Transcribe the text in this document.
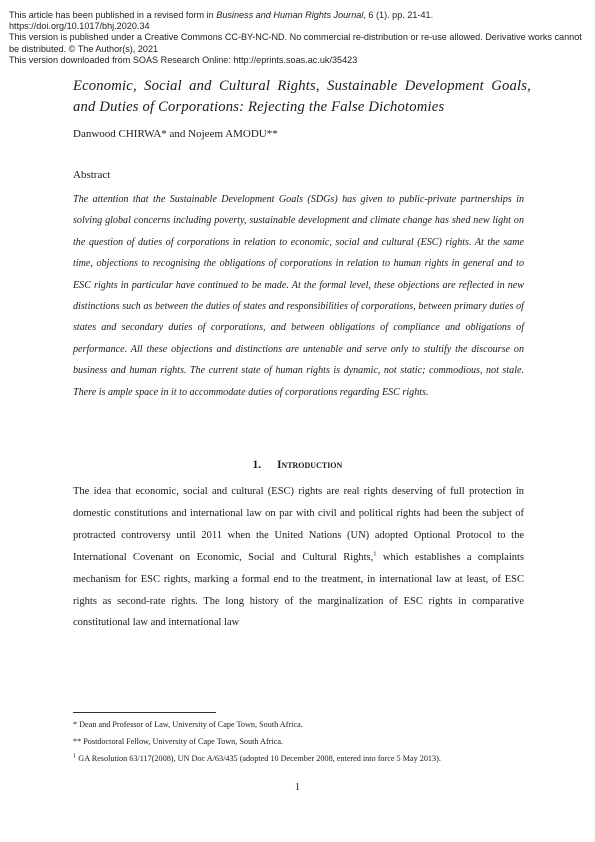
This article has been published in a revised form in Business and Human Rights Journal, 6 (1). pp. 21-41.
https://doi.org/10.1017/bhj.2020.34
This version is published under a Creative Commons CC-BY-NC-ND. No commercial re-distribution or re-use allowed. Derivative works cannot be distributed. © The Author(s), 2021
This version downloaded from SOAS Research Online: http://eprints.soas.ac.uk/35423
Economic, Social and Cultural Rights, Sustainable Development Goals, and Duties of Corporations: Rejecting the False Dichotomies
Danwood CHIRWA* and Nojeem AMODU**
Abstract
The attention that the Sustainable Development Goals (SDGs) has given to public-private partnerships in solving global concerns including poverty, sustainable development and climate change has shed new light on the question of duties of corporations in relation to economic, social and cultural (ESC) rights. At the same time, objections to recognising the obligations of corporations in relation to human rights in general and to ESC rights in particular have continued to be made. At the formal level, these objections are reflected in new distinctions such as between the duties of states and responsibilities of corporations, between primary duties of states and secondary duties of corporations, and between obligations of compliance and obligations of performance. All these objections and distinctions are untenable and serve only to stultify the discourse on business and human rights. The current state of human rights is dynamic, not static; commodious, not stale. There is ample space in it to accommodate duties of corporations regarding ESC rights.
1. Introduction
The idea that economic, social and cultural (ESC) rights are real rights deserving of full protection in domestic constitutions and international law on par with civil and political rights had been the subject of protracted controversy until 2011 when the United Nations (UN) adopted Optional Protocol to the International Covenant on Economic, Social and Cultural Rights,$^1$ which establishes a complaints mechanism for ESC rights, marking a formal end to the treatment, in international law at least, of ESC rights as second-rate rights. The long history of the marginalization of ESC rights in comparative constitutional law and international law
* Dean and Professor of Law, University of Cape Town, South Africa.
** Postdoctoral Fellow, University of Cape Town, South Africa.
$^1$ GA Resolution 63/117(2008), UN Doc A/63/435 (adopted 10 December 2008, entered into force 5 May 2013).
1
